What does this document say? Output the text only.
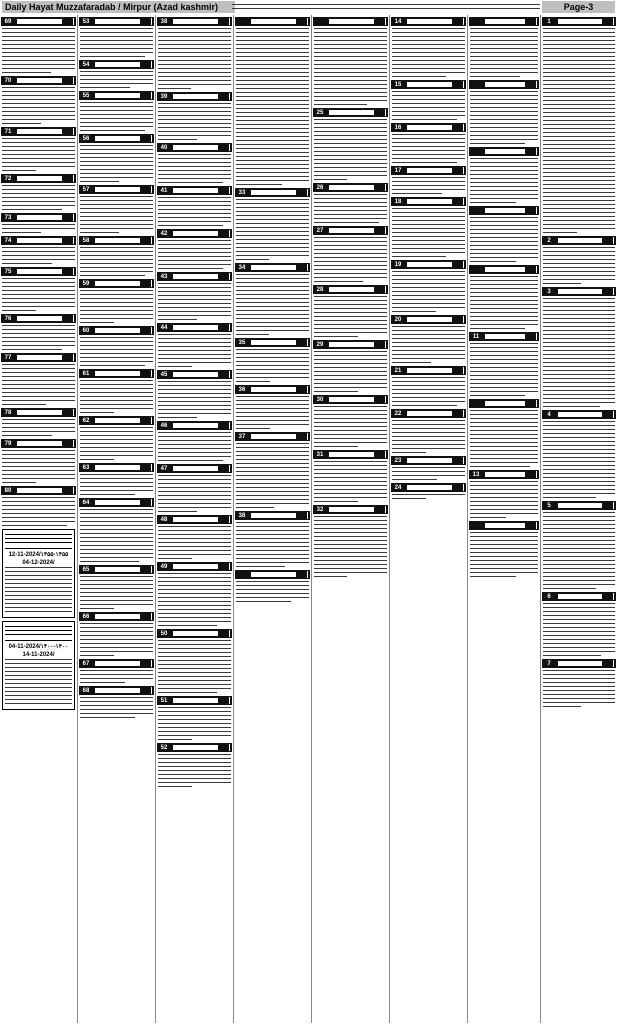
Daily Hayat Muzzafaradab / Mirpur (Azad kashmir)	Page-3
69
70
71
72
73
74
75
76
77
78
79
80
12-11-2024/۱۴۵۵-۱۴۵۵
04-12-2024/
04-11-2024/۱۴۰۰-۱۴۰۰
14-11-2024/
53
54
55
56
57
58
59
60
61
62
63
64
65
66
67
68
38
39
40
41
42
43
44
45
46
47
48
49
50
51
52
33
34
35
36
37
38
25
26
27
28
29
30
31
32
14
15
16
17
18
19
20
21
22
23
24
11
13
1
2
3
4
5
6
7
